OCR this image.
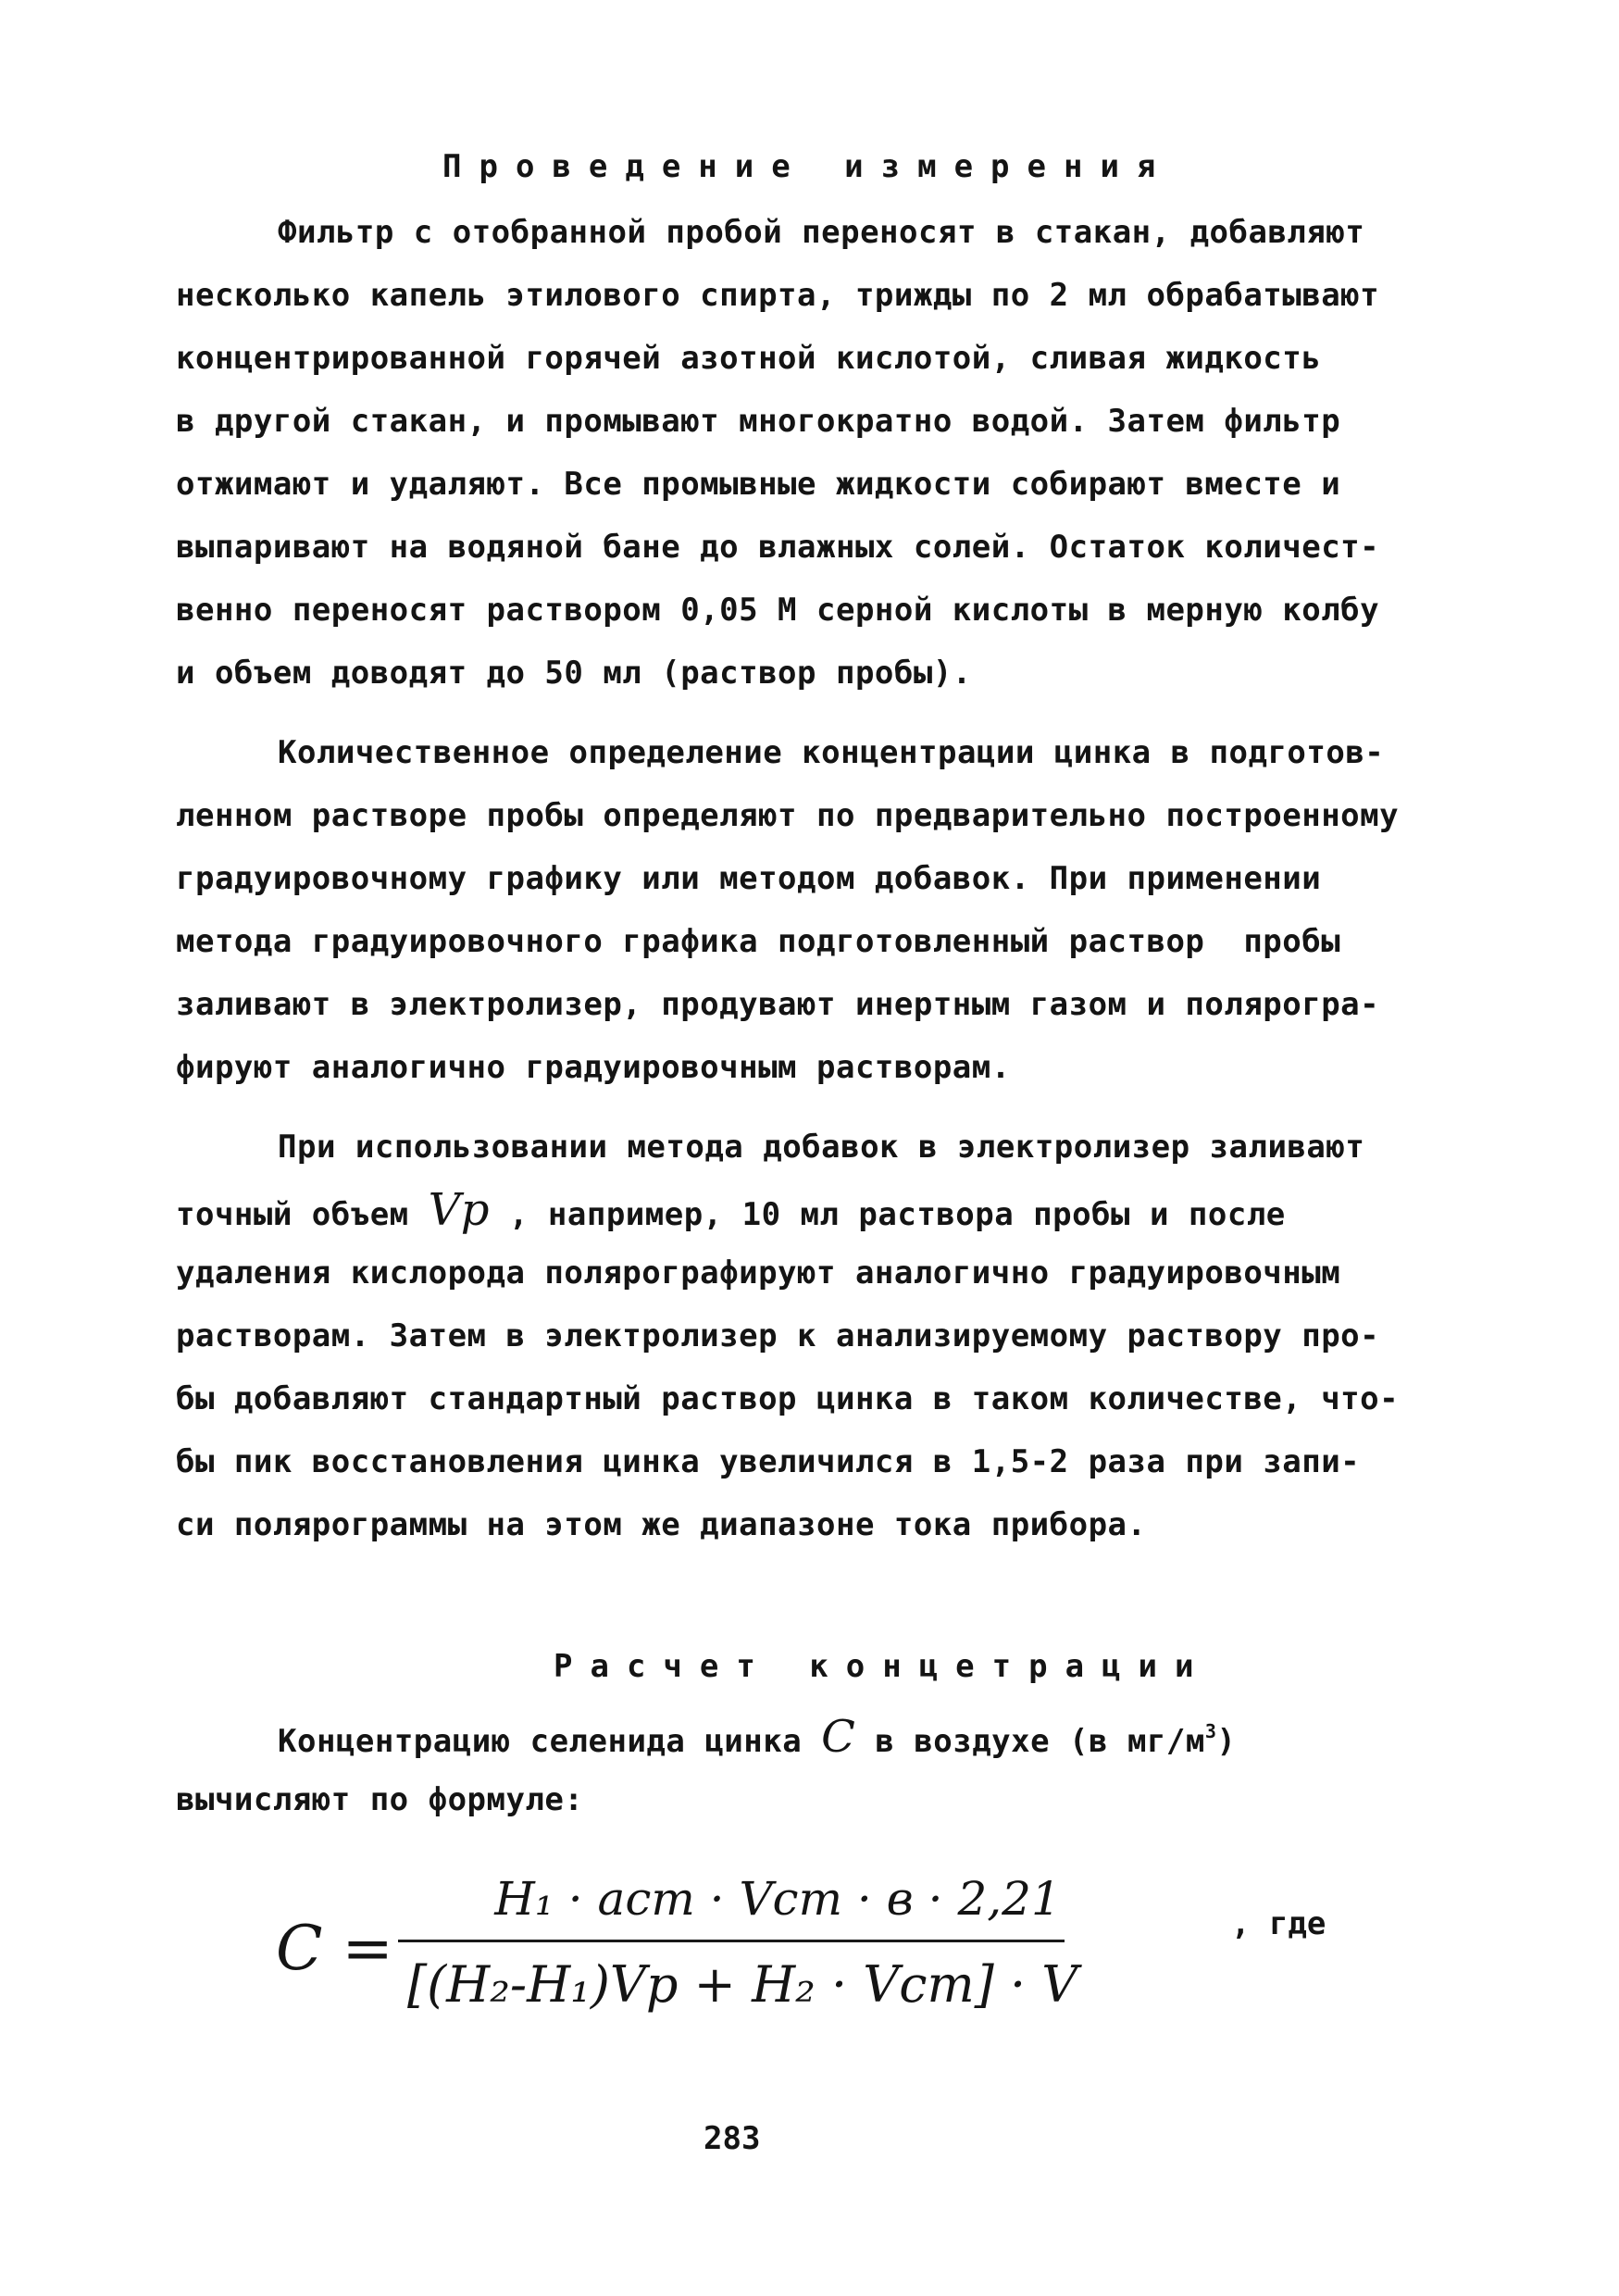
Проведение измерения
Фильтр с отобранной пробой переносят в стакан, добавляют
несколько капель этилового спирта, трижды по 2 мл обрабатывают
концентрированной горячей азотной кислотой, сливая жидкость
в другой стакан, и промывают многократно водой. Затем фильтр
отжимают и удаляют. Все промывные жидкости собирают вместе и
выпаривают на водяной бане до влажных солей. Остаток количест-
венно переносят раствором 0,05 М серной кислоты в мерную колбу
и объем доводят до 50 мл (раствор пробы).
Количественное определение концентрации цинка в подготов-
ленном растворе пробы определяют по предварительно построенному
градуировочному графику или методом добавок. При применении
метода градуировочного графика подготовленный раствор  пробы
заливают в электролизер, продувают инертным газом и полярогра-
фируют аналогично градуировочным растворам.
При использовании метода добавок в электролизер заливают
точный объем Vр , например, 10 мл раствора пробы и после
удаления кислорода полярографируют аналогично градуировочным
растворам. Затем в электролизер к анализируемому раствору про-
бы добавляют стандартный раствор цинка в таком количестве, что-
бы пик восстановления цинка увеличился в 1,5-2 раза при запи-
си полярограммы на этом же диапазоне тока прибора.
Расчет концетрации
Концентрацию селенида цинка C в воздухе (в $мг/м^3$)
вычисляют по формуле:
C =
H₁ · aст · Vст · в · 2,21
[(H₂-H₁)Vр + H₂ · Vст] · V
, где
283
